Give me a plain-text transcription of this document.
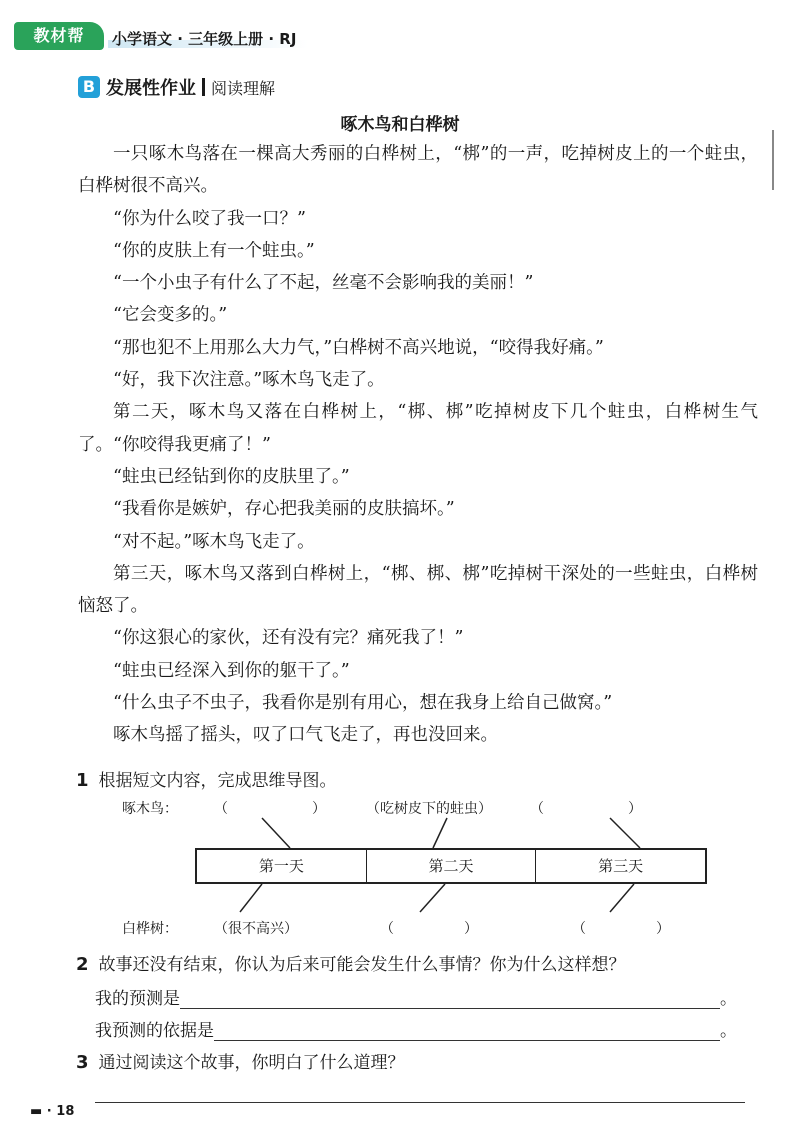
教材帮	小学语文 · 三年级上册 · RJ
B 发展性作业 阅读理解
啄木鸟和白桦树

一只啄木鸟落在一棵高大秀丽的白桦树上，“梆”的一声，吃掉树皮上的一个蛀虫，白桦树很不高兴。

“你为什么咬了我一口？”

“你的皮肤上有一个蛀虫。”

“一个小虫子有什么了不起，丝毫不会影响我的美丽！”

“它会变多的。”

“那也犯不上用那么大力气，”白桦树不高兴地说，“咬得我好痛。”

“好，我下次注意。”啄木鸟飞走了。

第二天，啄木鸟又落在白桦树上，“梆、梆”吃掉树皮下几个蛀虫，白桦树生气了。“你咬得我更痛了！”

“蛀虫已经钻到你的皮肤里了。”

“我看你是嫉妒，存心把我美丽的皮肤搞坏。”

“对不起。”啄木鸟飞走了。

第三天，啄木鸟又落到白桦树上，“梆、梆、梆”吃掉树干深处的一些蛀虫，白桦树恼怒了。

“你这狠心的家伙，还有没有完？痛死我了！”

“蛀虫已经深入到你的躯干了。”

“什么虫子不虫子，我看你是别有用心，想在我身上给自己做窝。”

啄木鸟摇了摇头，叹了口气飞走了，再也没回来。

1 根据短文内容，完成思维导图。
啄木鸟：	（　　　　　　）	（吃树皮下的蛀虫）	（　　　　　　）
第一天	第二天	第三天
白桦树：	（很不高兴）	（　　　　　）	（　　　　　）
2 故事还没有结束，你认为后来可能会发生什么事情？你为什么这样想？
我的预测是	。
我预测的依据是	。
3 通过阅读这个故事，你明白了什么道理？
▬ · 18
